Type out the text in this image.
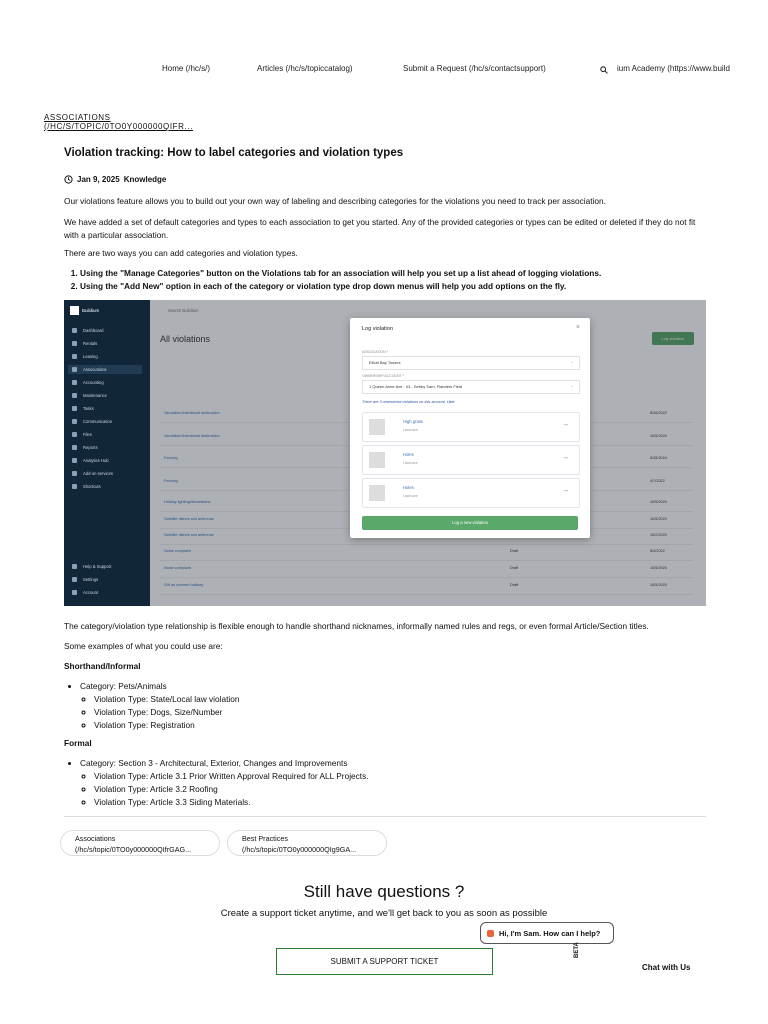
Home (/hc/s/)	Articles (/hc/s/topiccatalog)	Submit a Request (/hc/s/contactsupport)	ium Academy (https://www.build
ASSOCIATIONS
(/HC/S/TOPIC/0TO0Y000000QIFR...
Violation tracking: How to label categories and violation types
Jan 9, 2025 Knowledge
Our violations feature allows you to build out your own way of labeling and describing categories for the violations you need to track per association.
We have added a set of default categories and types to each association to get you started. Any of the provided categories or types can be edited or deleted if they do not fit with a particular association.
There are two ways you can add categories and violation types.
1. Using the "Manage Categories" button on the Violations tab for an association will help you set up a list ahead of logging violations.
2. Using the "Add New" option in each of the category or violation type drop down menus will help you add options on the fly.
Buildium
Dashboard
Rentals
Leasing
Associations
Accounting
Maintenance
Tasks
Communication
Files
Reports
Analytics Hub
Add-on services
Shortcuts
Help & Support
Settings
Account
Search Buildium
All violations	Log violation
Vandalism/Intentional destruction	8/26/2022
Vandalism/Intentional destruction	10/5/2020
Fencing	5/28/2024
Fencing	4/7/2022
Holiday lighting/decorations	10/5/2020
Satellite dishes and antennas	10/5/2020
Satellite dishes and antennas	10/2/2020
Noise complaint	Draft	8/4/2022
Noise complaint	Draft	10/5/2020
Gift as covered hallway	Draft	10/5/2020
Log violation	×
ASSOCIATION *
Elliott Bay Towers	⌄
OWNERSHIP ACCOUNT *
1 Queen Anne Ave - 03 - Sebby Sam, Flanders Field	⌄
There are 3 unresolved violations on this account. Hide
High grass
Lawncare
→
Holes
Lawncare
→
Holes
Lawncare
→
Log a new violation
The category/violation type relationship is flexible enough to handle shorthand nicknames, informally named rules and regs, or even formal Article/Section titles.
Some examples of what you could use are:
Shorthand/Informal
• Category: Pets/Animals
◦ Violation Type: State/Local law violation
◦ Violation Type: Dogs, Size/Number
◦ Violation Type: Registration
Formal
• Category: Section 3 - Architectural, Exterior, Changes and Improvements
◦ Violation Type: Article 3.1 Prior Written Approval Required for ALL Projects.
◦ Violation Type: Article 3.2 Roofing
◦ Violation Type: Article 3.3 Siding Materials.
Associations
(/hc/s/topic/0TO0y000000QIfrGAG...
Best Practices
(/hc/s/topic/0TO0y000000QIg9GA...
Still have questions ?
Create a support ticket anytime, and we'll get back to you as soon as possible
Hi, I'm Sam. How can I help?
SUBMIT A SUPPORT TICKET
BETA
Chat with Us
